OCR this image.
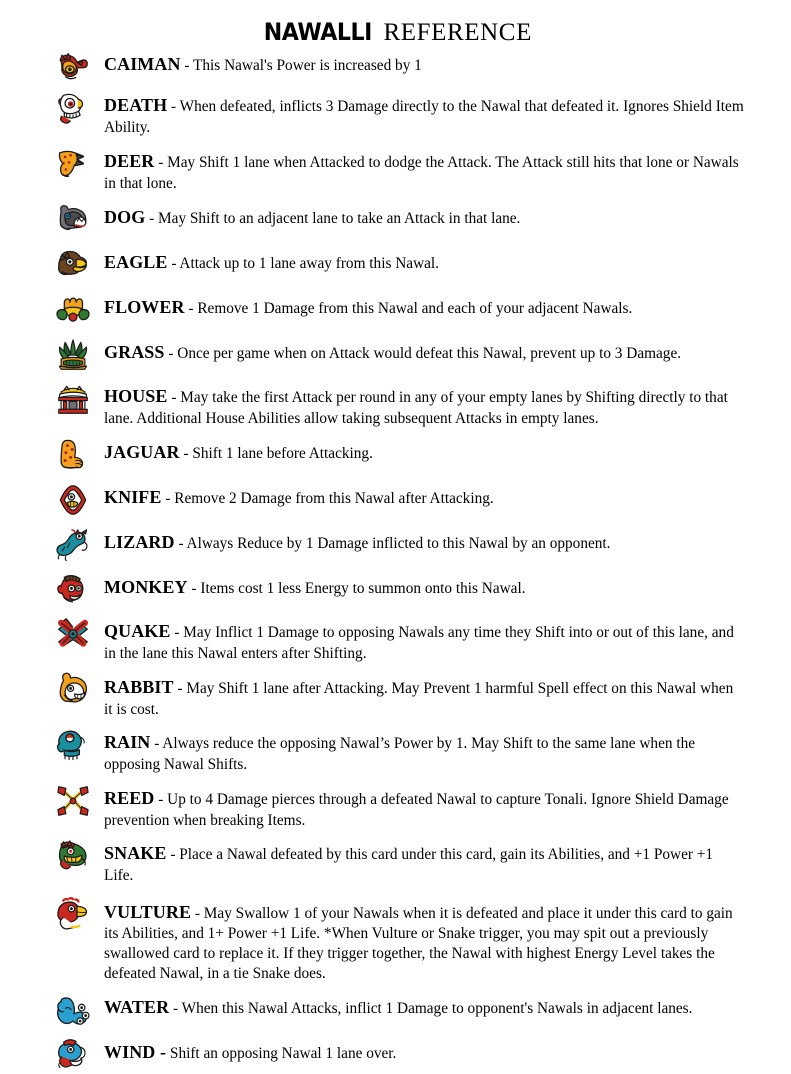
NAWALLI REFERENCE
CAIMAN - This Nawal's Power is increased by 1
DEATH - When defeated, inflicts 3 Damage directly to the Nawal that defeated it. Ignores Shield Item Ability.
DEER - May Shift 1 lane when Attacked to dodge the Attack. The Attack still hits that lone or Nawals in that lone.
DOG - May Shift to an adjacent lane to take an Attack in that lane.
EAGLE - Attack up to 1 lane away from this Nawal.
FLOWER - Remove 1 Damage from this Nawal and each of your adjacent Nawals.
GRASS - Once per game when on Attack would defeat this Nawal, prevent up to 3 Damage.
HOUSE - May take the first Attack per round in any of your empty lanes by Shifting directly to that lane. Additional House Abilities allow taking subsequent Attacks in empty lanes.
JAGUAR - Shift 1 lane before Attacking.
KNIFE - Remove 2 Damage from this Nawal after Attacking.
LIZARD - Always Reduce by 1 Damage inflicted to this Nawal by an opponent.
MONKEY - Items cost 1 less Energy to summon onto this Nawal.
QUAKE - May Inflict 1 Damage to opposing Nawals any time they Shift into or out of this lane, and in the lane this Nawal enters after Shifting.
RABBIT - May Shift 1 lane after Attacking. May Prevent 1 harmful Spell effect on this Nawal when it is cost.
RAIN - Always reduce the opposing Nawal’s Power by 1. May Shift to the same lane when the opposing Nawal Shifts.
REED - Up to 4 Damage pierces through a defeated Nawal to capture Tonali. Ignore Shield Damage prevention when breaking Items.
SNAKE - Place a Nawal defeated by this card under this card, gain its Abilities, and +1 Power +1 Life.
VULTURE - May Swallow 1 of your Nawals when it is defeated and place it under this card to gain its Abilities, and 1+ Power +1 Life. *When Vulture or Snake trigger, you may spit out a previously swallowed card to replace it. If they trigger together, the Nawal with highest Energy Level takes the defeated Nawal, in a tie Snake does.
WATER - When this Nawal Attacks, inflict 1 Damage to opponent's Nawals in adjacent lanes.
WIND - Shift an opposing Nawal 1 lane over.
